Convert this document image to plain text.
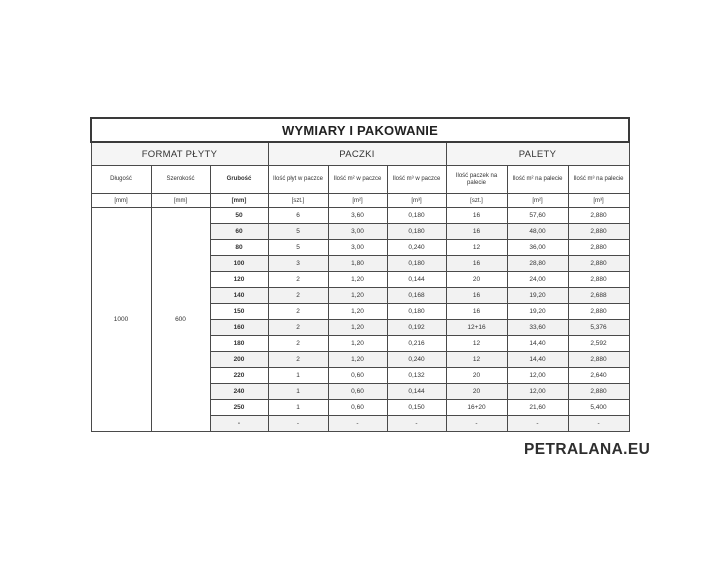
WYMIARY I PAKOWANIE								
FORMAT PŁYTY			PACZKI			PALETY		
Długość	Szerokość	Grubość	Ilość płyt w paczce	Ilość m² w paczce	Ilość m³ w paczce	Ilość paczek na palecie	Ilość m² na palecie	Ilość m³ na palecie
[mm]	[mm]	[mm]	[szt.]	[m²]	[m³]	[szt.]	[m²]	[m³]
1000	600	50	6	3,60	0,180	16	57,60	2,880
		60	5	3,00	0,180	16	48,00	2,880
		80	5	3,00	0,240	12	36,00	2,880
		100	3	1,80	0,180	16	28,80	2,880
		120	2	1,20	0,144	20	24,00	2,880
		140	2	1,20	0,168	16	19,20	2,688
		150	2	1,20	0,180	16	19,20	2,880
		160	2	1,20	0,192	12+16	33,60	5,376
		180	2	1,20	0,216	12	14,40	2,592
		200	2	1,20	0,240	12	14,40	2,880
		220	1	0,60	0,132	20	12,00	2,640
		240	1	0,60	0,144	20	12,00	2,880
		250	1	0,60	0,150	16+20	21,60	5,400
		-	-	-	-	-	-	-
PETRALANA.EU
